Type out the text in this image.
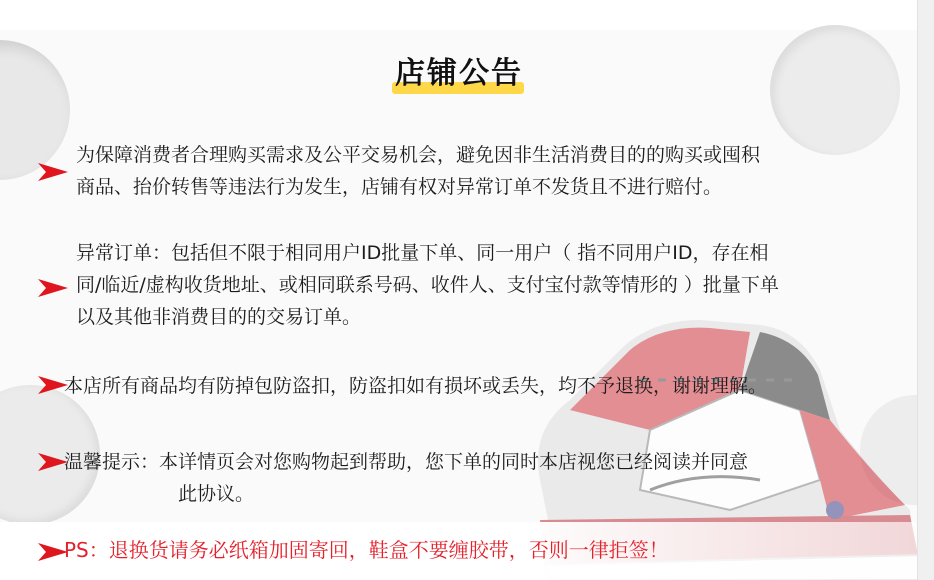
店铺公告
为保障消费者合理购买需求及公平交易机会，避免因非生活消费目的的购买或囤积
商品、抬价转售等违法行为发生，店铺有权对异常订单不发货且不进行赔付。
异常订单：包括但不限于相同用户ID批量下单、同一用户（ 指不同用户ID，存在相
同/临近/虚构收货地址、或相同联系号码、收件人、支付宝付款等情形的 ）批量下单
以及其他非消费目的的交易订单。
本店所有商品均有防掉包防盗扣，防盗扣如有损坏或丢失，均不予退换，谢谢理解。
温馨提示：本详情页会对您购物起到帮助，您下单的同时本店视您已经阅读并同意
此协议。
PS：退换货请务必纸箱加固寄回，鞋盒不要缠胶带，否则一律拒签！
